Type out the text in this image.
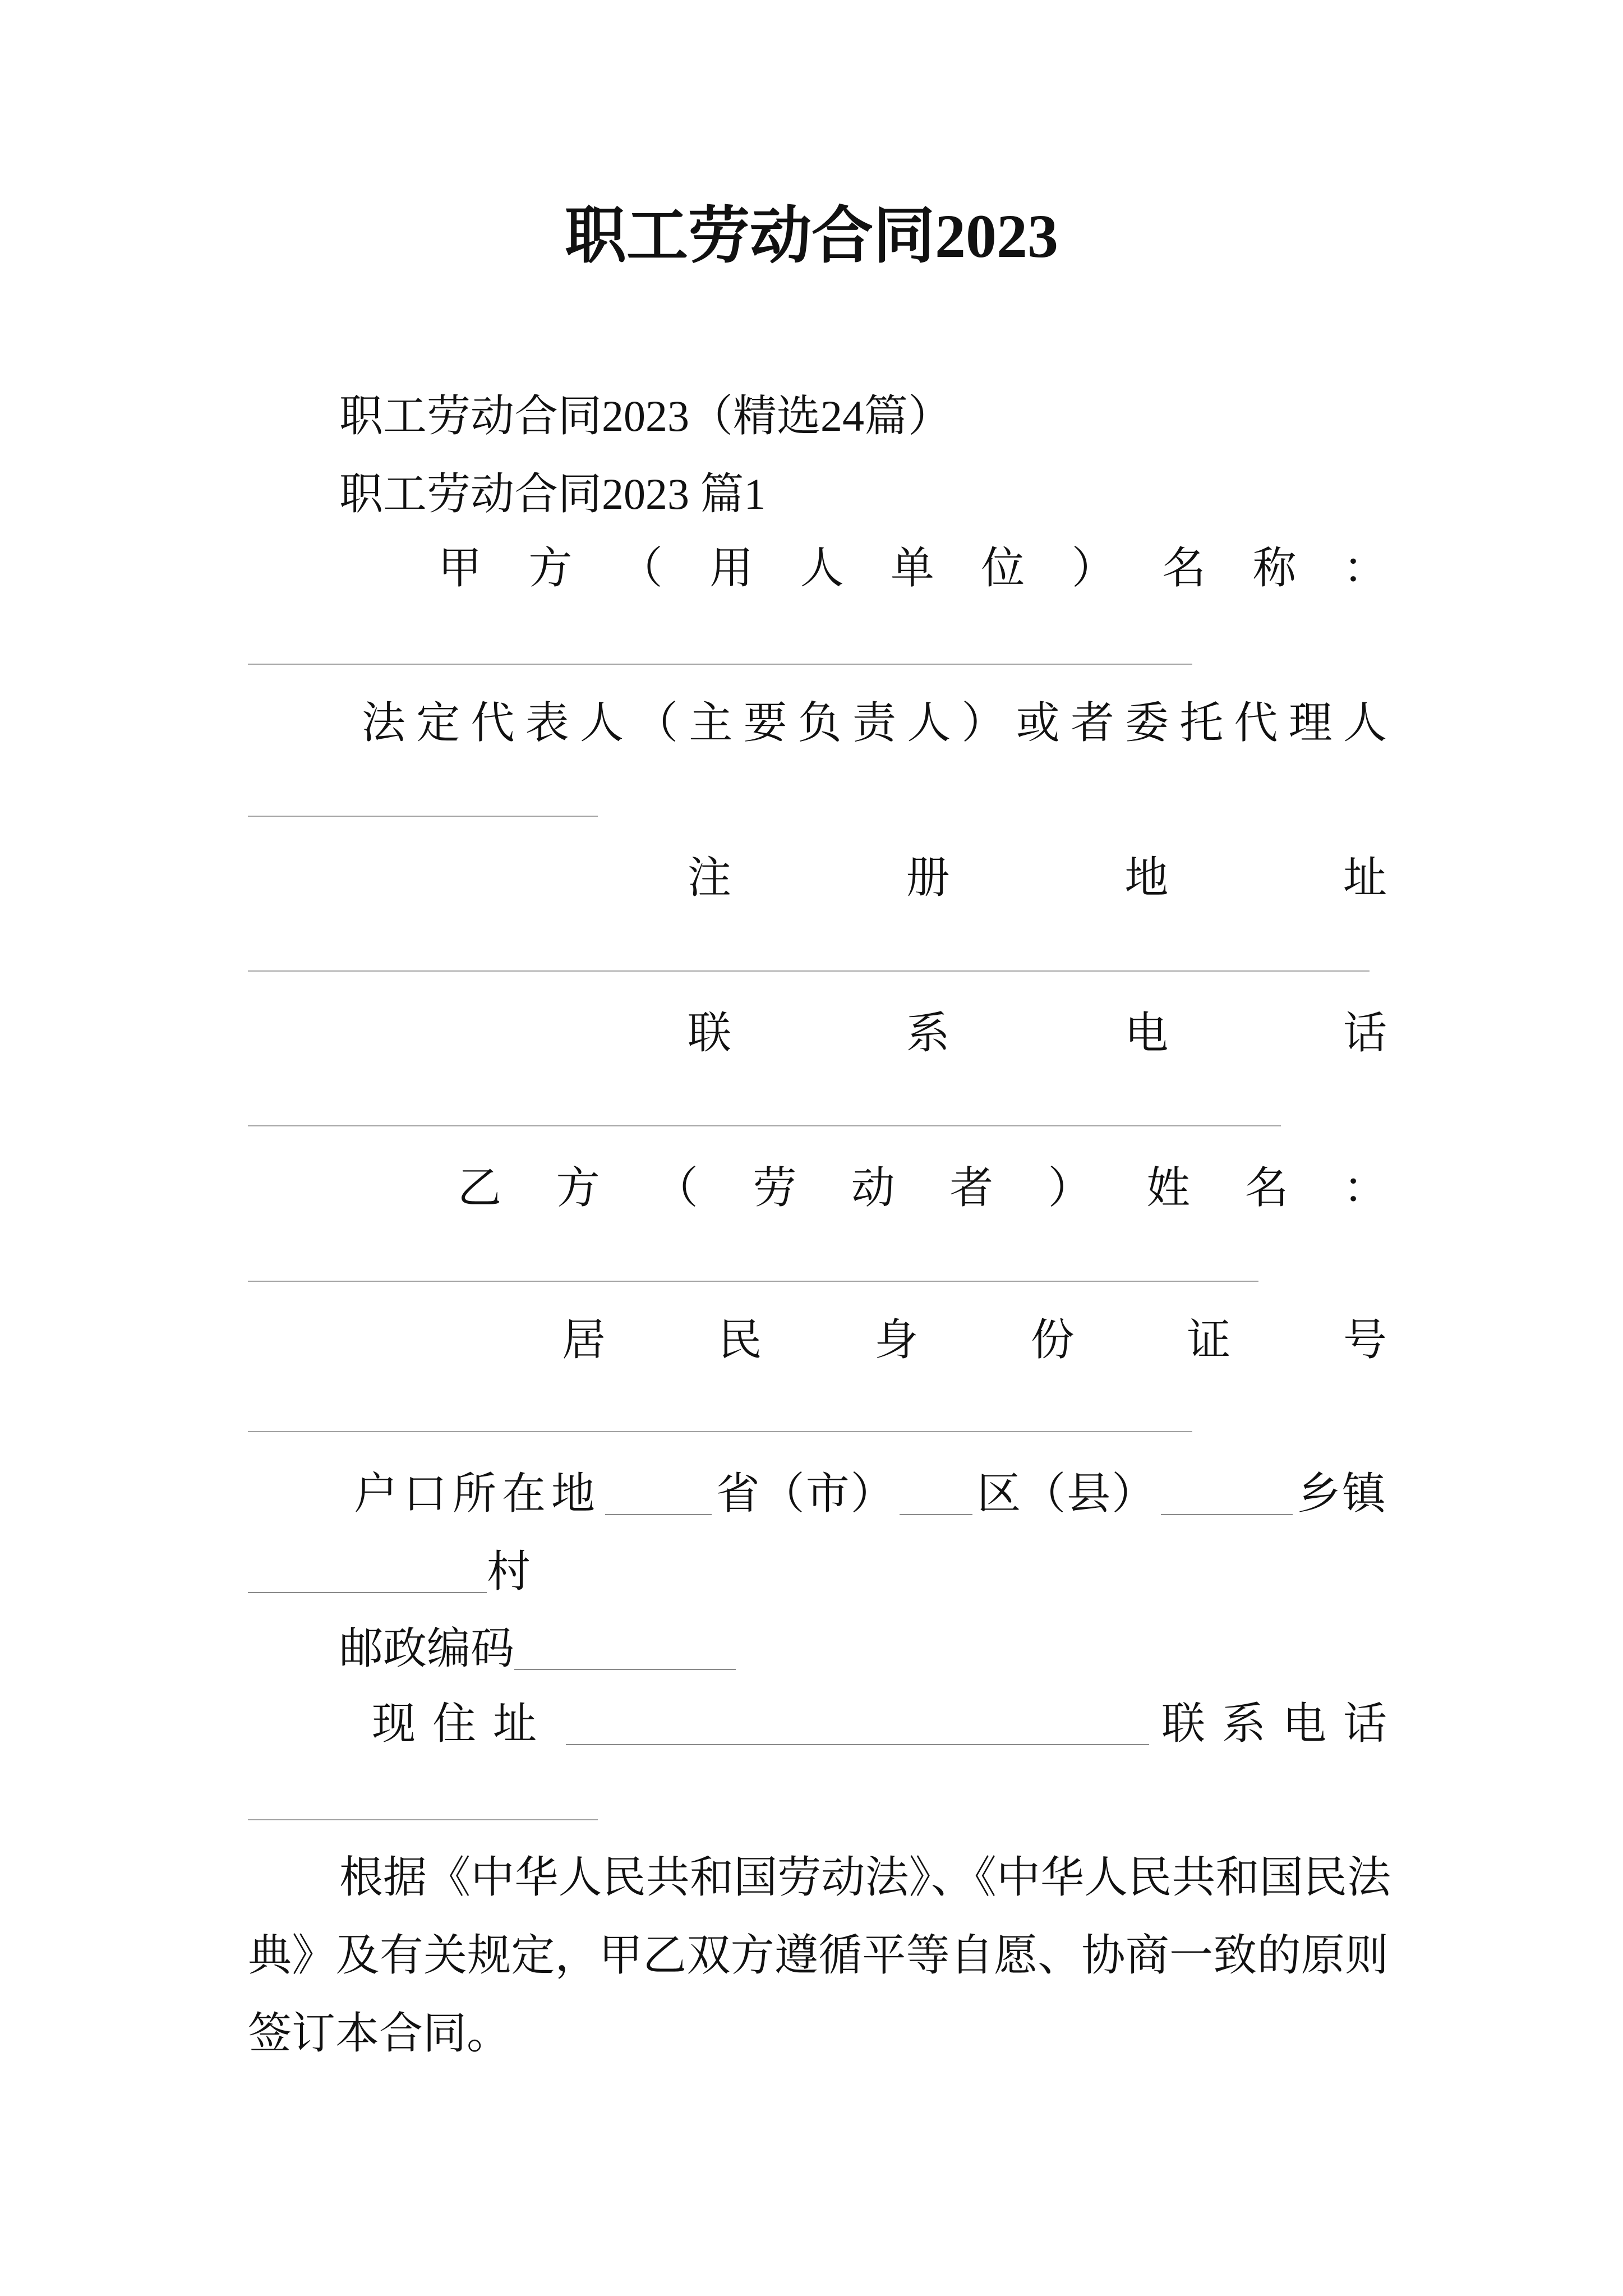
职工劳动合同2023
职工劳动合同2023（精选24篇）
职工劳动合同2023 篇1
甲 方 （ 用 人 单 位 ） 名 称 ：
法 定 代 表 人 （ 主 要 负 责 人 ） 或 者 委 托 代 理 人
注	册	地	址
联	系	电	话
乙 方 （ 劳 动 者 ） 姓 名 ：
居	民	身	份	证	号
户口所在地	省（市） 区（县）	乡镇
村
邮政编码
现住址	联系电话
根据《中华人民共和国劳动法》、《中华人民共和国民法典》及有关规定，甲乙双方遵循平等自愿、协商一致的原则签订本合同。
